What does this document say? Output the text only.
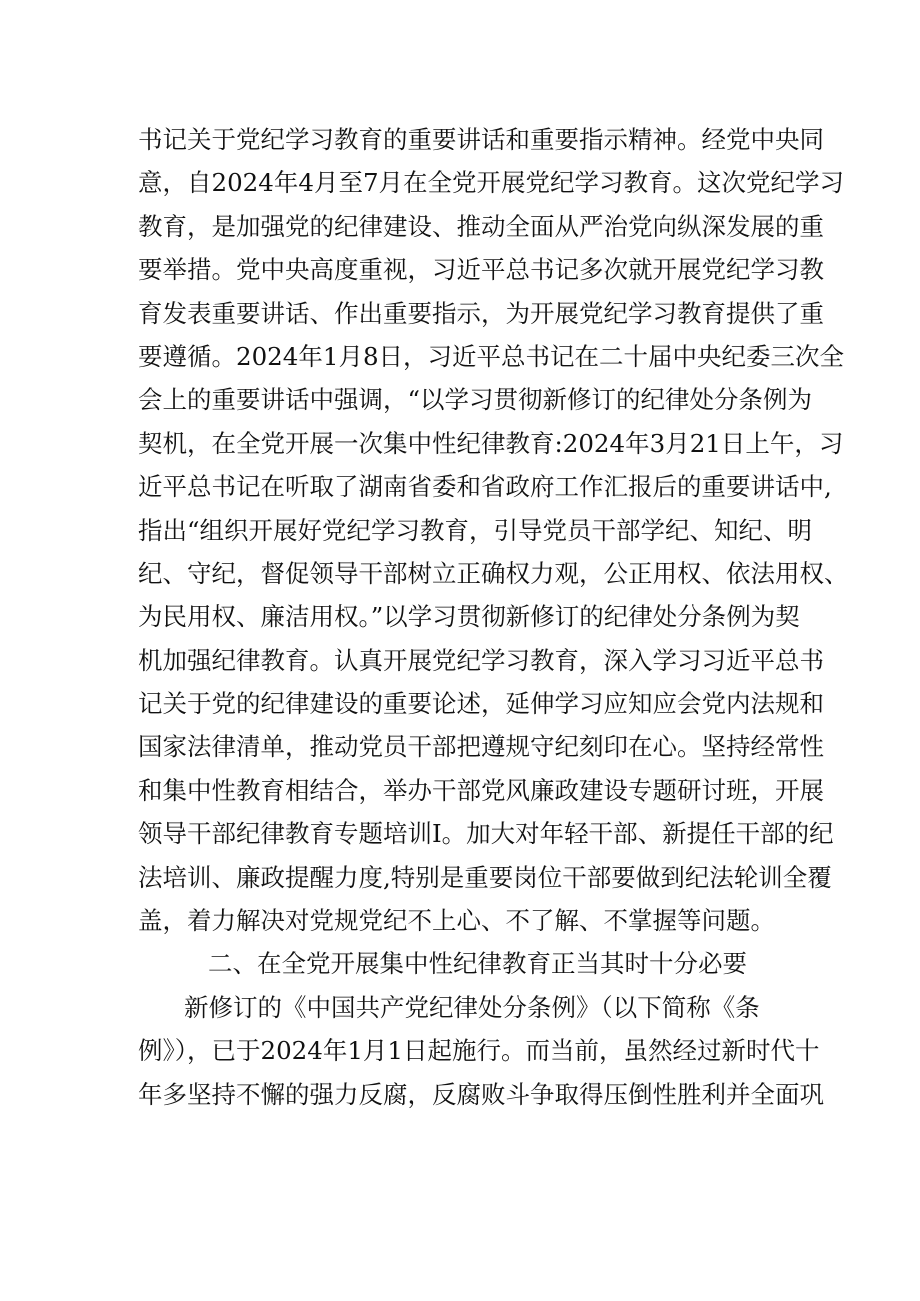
书记关于党纪学习教育的重要讲话和重要指示精神。经党中央同
意，自2024年4月至7月在全党开展党纪学习教育。这次党纪学习
教育，是加强党的纪律建设、推动全面从严治党向纵深发展的重
要举措。党中央高度重视，习近平总书记多次就开展党纪学习教
育发表重要讲话、作出重要指示，为开展党纪学习教育提供了重
要遵循。2024年1月8日，习近平总书记在二十届中央纪委三次全
会上的重要讲话中强调，“以学习贯彻新修订的纪律处分条例为
契机，在全党开展一次集中性纪律教育:2024年3月21日上午，习
近平总书记在听取了湖南省委和省政府工作汇报后的重要讲话中,
指出“组织开展好党纪学习教育，引导党员干部学纪、知纪、明
纪、守纪，督促领导干部树立正确权力观，公正用权、依法用权、
为民用权、廉洁用权。”以学习贯彻新修订的纪律处分条例为契
机加强纪律教育。认真开展党纪学习教育，深入学习习近平总书
记关于党的纪律建设的重要论述，延伸学习应知应会党内法规和
国家法律清单，推动党员干部把遵规守纪刻印在心。坚持经常性
和集中性教育相结合，举办干部党风廉政建设专题研讨班，开展
领导干部纪律教育专题培训I。加大对年轻干部、新提任干部的纪
法培训、廉政提醒力度,特别是重要岗位干部要做到纪法轮训全覆
盖，着力解决对党规党纪不上心、不了解、不掌握等问题。
二、在全党开展集中性纪律教育正当其时十分必要
新修订的《中国共产党纪律处分条例》（以下简称《条
例》），已于2024年1月1日起施行。而当前，虽然经过新时代十
年多坚持不懈的强力反腐，反腐败斗争取得压倒性胜利并全面巩
